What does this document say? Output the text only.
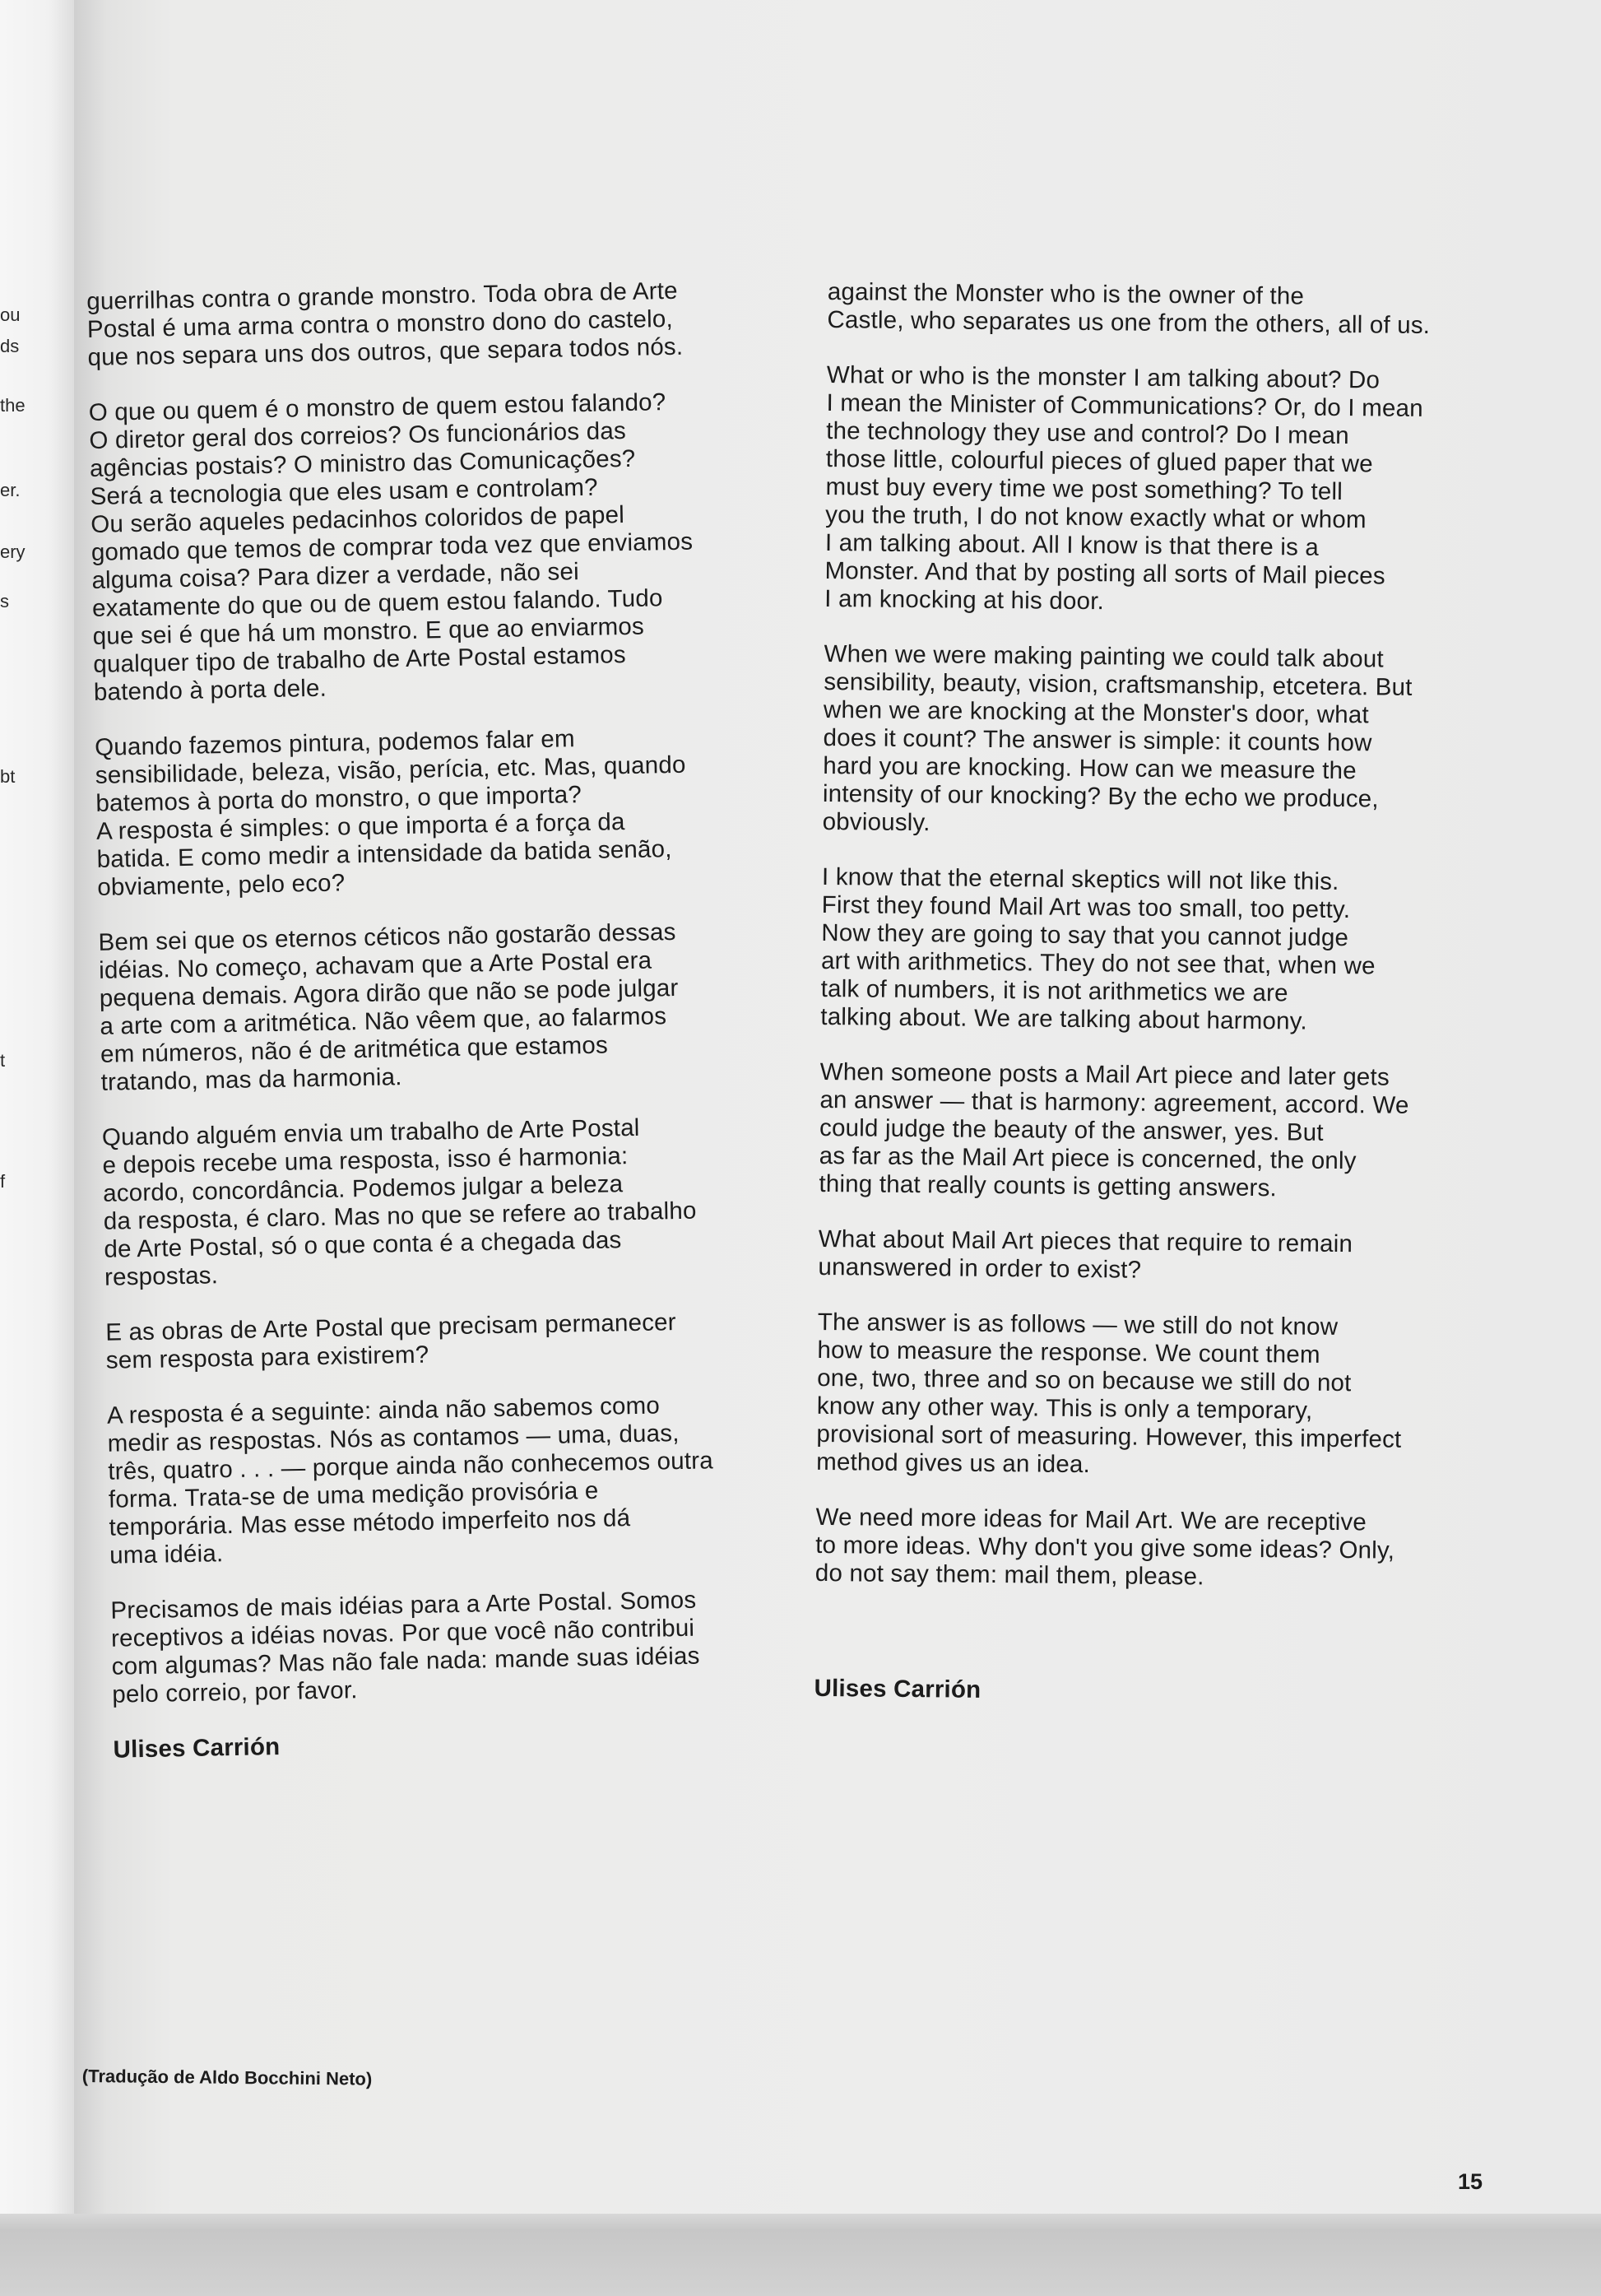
ou
ds
the
er.
ery
s
bt
t
f

guerrilhas contra o grande monstro. Toda obra de Arte
Postal é uma arma contra o monstro dono do castelo,
que nos separa uns dos outros, que separa todos nós.

O que ou quem é o monstro de quem estou falando?
O diretor geral dos correios? Os funcionários das
agências postais? O ministro das Comunicações?
Será a tecnologia que eles usam e controlam?
Ou serão aqueles pedacinhos coloridos de papel
gomado que temos de comprar toda vez que enviamos
alguma coisa? Para dizer a verdade, não sei
exatamente do que ou de quem estou falando. Tudo
que sei é que há um monstro. E que ao enviarmos
qualquer tipo de trabalho de Arte Postal estamos
batendo à porta dele.

Quando fazemos pintura, podemos falar em
sensibilidade, beleza, visão, perícia, etc. Mas, quando
batemos à porta do monstro, o que importa?
A resposta é simples: o que importa é a força da
batida. E como medir a intensidade da batida senão,
obviamente, pelo eco?

Bem sei que os eternos céticos não gostarão dessas
idéias. No começo, achavam que a Arte Postal era
pequena demais. Agora dirão que não se pode julgar
a arte com a aritmética. Não vêem que, ao falarmos
em números, não é de aritmética que estamos
tratando, mas da harmonia.

Quando alguém envia um trabalho de Arte Postal
e depois recebe uma resposta, isso é harmonia:
acordo, concordância. Podemos julgar a beleza
da resposta, é claro. Mas no que se refere ao trabalho
de Arte Postal, só o que conta é a chegada das
respostas.

E as obras de Arte Postal que precisam permanecer
sem resposta para existirem?

A resposta é a seguinte: ainda não sabemos como
medir as respostas. Nós as contamos — uma, duas,
três, quatro . . . — porque ainda não conhecemos outra
forma. Trata-se de uma medição provisória e
temporária. Mas esse método imperfeito nos dá
uma idéia.

Precisamos de mais idéias para a Arte Postal. Somos
receptivos a idéias novas. Por que você não contribui
com algumas? Mas não fale nada: mande suas idéias
pelo correio, por favor.

Ulises Carrión

against the Monster who is the owner of the
Castle, who separates us one from the others, all of us.

What or who is the monster I am talking about? Do
I mean the Minister of Communications? Or, do I mean
the technology they use and control? Do I mean
those little, colourful pieces of glued paper that we
must buy every time we post something? To tell
you the truth, I do not know exactly what or whom
I am talking about. All I know is that there is a
Monster. And that by posting all sorts of Mail pieces
I am knocking at his door.

When we were making painting we could talk about
sensibility, beauty, vision, craftsmanship, etcetera. But
when we are knocking at the Monster's door, what
does it count? The answer is simple: it counts how
hard you are knocking. How can we measure the
intensity of our knocking? By the echo we produce,
obviously.

I know that the eternal skeptics will not like this.
First they found Mail Art was too small, too petty.
Now they are going to say that you cannot judge
art with arithmetics. They do not see that, when we
talk of numbers, it is not arithmetics we are
talking about. We are talking about harmony.

When someone posts a Mail Art piece and later gets
an answer — that is harmony: agreement, accord. We
could judge the beauty of the answer, yes. But
as far as the Mail Art piece is concerned, the only
thing that really counts is getting answers.

What about Mail Art pieces that require to remain
unanswered in order to exist?

The answer is as follows — we still do not know
how to measure the response. We count them
one, two, three and so on because we still do not
know any other way. This is only a temporary,
provisional sort of measuring. However, this imperfect
method gives us an idea.

We need more ideas for Mail Art. We are receptive
to more ideas. Why don't you give some ideas? Only,
do not say them: mail them, please.

Ulises Carrión

(Tradução de Aldo Bocchini Neto)
15
